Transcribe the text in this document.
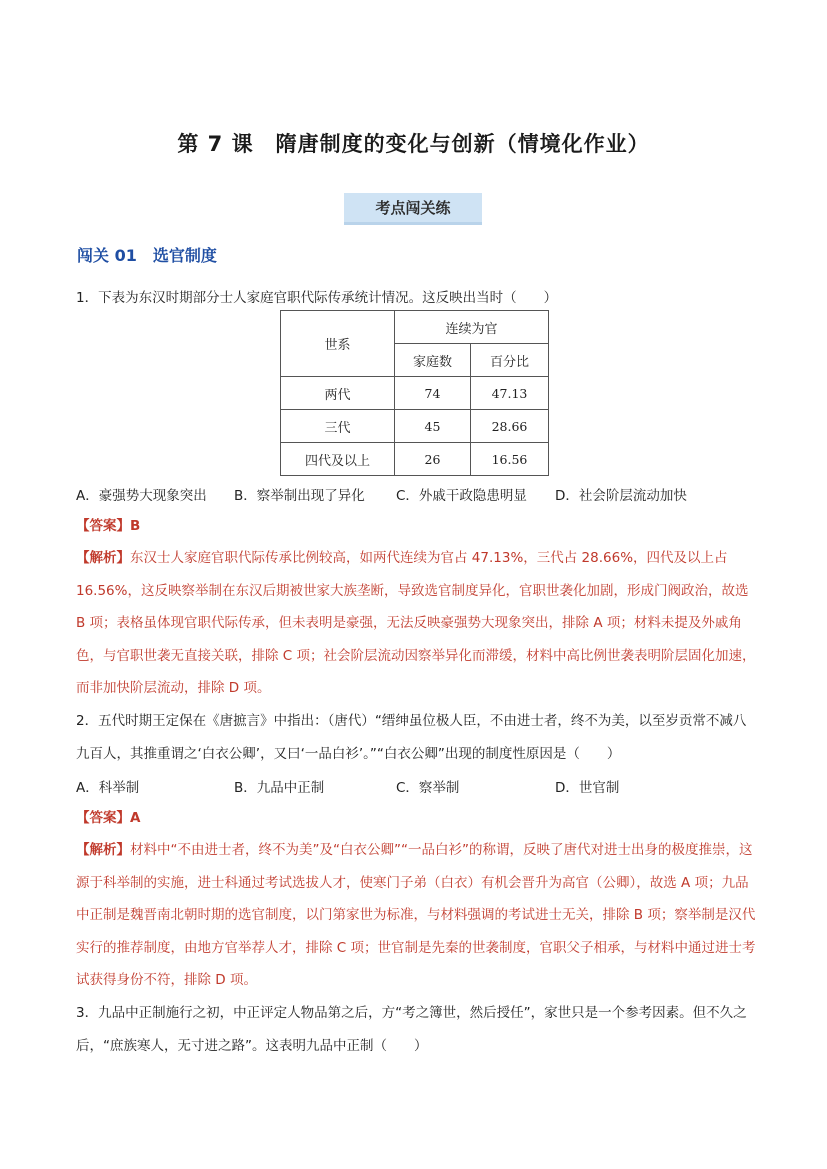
第 7 课　隋唐制度的变化与创新（情境化作业）
考点闯关练
闯关 01　选官制度
1．下表为东汉时期部分士人家庭官职代际传承统计情况。这反映出当时（　　）
世系	连续为官	
	家庭数	百分比
两代	74	47.13
三代	45	28.66
四代及以上	26	16.56
A．豪强势大现象突出 B．察举制出现了异化 C．外戚干政隐患明显 D．社会阶层流动加快
【答案】B
【解析】东汉士人家庭官职代际传承比例较高，如两代连续为官占 47.13%，三代占 28.66%，四代及以上占 16.56%，这反映察举制在东汉后期被世家大族垄断，导致选官制度异化，官职世袭化加剧，形成门阀政治，故选 B 项；表格虽体现官职代际传承，但未表明是豪强，无法反映豪强势大现象突出，排除 A 项；材料未提及外戚角色，与官职世袭无直接关联，排除 C 项；社会阶层流动因察举异化而滞缓，材料中高比例世袭表明阶层固化加速，而非加快阶层流动，排除 D 项。
2．五代时期王定保在《唐摭言》中指出：（唐代）“缙绅虽位极人臣，不由进士者，终不为美，以至岁贡常不减八九百人，其推重谓之‘白衣公卿’，又曰‘一品白衫’。”“白衣公卿”出现的制度性原因是（　　）
A．科举制	B．九品中正制	C．察举制	D．世官制
【答案】A
【解析】材料中“不由进士者，终不为美”及“白衣公卿”“一品白衫”的称谓，反映了唐代对进士出身的极度推崇，这源于科举制的实施，进士科通过考试选拔人才，使寒门子弟（白衣）有机会晋升为高官（公卿），故选 A 项；九品中正制是魏晋南北朝时期的选官制度，以门第家世为标准，与材料强调的考试进士无关，排除 B 项；察举制是汉代实行的推荐制度，由地方官举荐人才，排除 C 项；世官制是先秦的世袭制度，官职父子相承，与材料中通过进士考试获得身份不符，排除 D 项。
3．九品中正制施行之初，中正评定人物品第之后，方“考之簿世，然后授任”，家世只是一个参考因素。但不久之后，“庶族寒人，无寸进之路”。这表明九品中正制（　　）
